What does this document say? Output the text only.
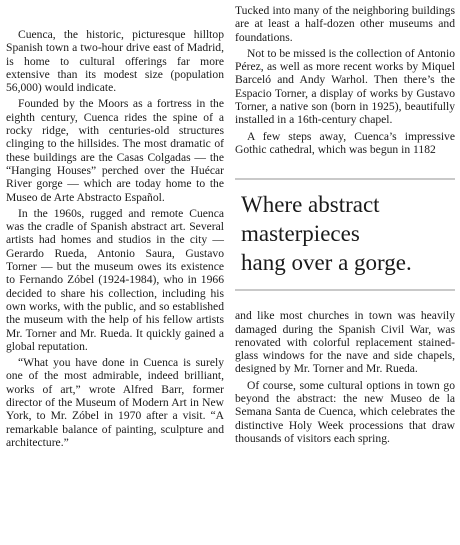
Cuenca, the historic, picturesque hilltop Spanish town a two-hour drive east of Madrid, is home to cultural offerings far more extensive than its modest size (population 56,000) would indicate.

Founded by the Moors as a fortress in the eighth century, Cuenca rides the spine of a rocky ridge, with centuries-old structures clinging to the hillsides. The most dramatic of these buildings are the Casas Colgadas — the “Hanging Houses” perched over the Huécar River gorge — which are today home to the Museo de Arte Abstracto Español.

In the 1960s, rugged and remote Cuenca was the cradle of Spanish abstract art. Several artists had homes and studios in the city — Gerardo Rueda, Antonio Saura, Gustavo Torner — but the museum owes its existence to Fernando Zóbel (1924-1984), who in 1966 decided to share his collection, including his own works, with the public, and so established the museum with the help of his fellow artists Mr. Torner and Mr. Rueda. It quickly gained a global reputation.

“What you have done in Cuenca is surely one of the most admirable, indeed brilliant, works of art,” wrote Alfred Barr, former director of the Museum of Modern Art in New York, to Mr. Zóbel in 1970 after a visit. “A remarkable balance of painting, sculpture and architecture.”

Tucked into many of the neighboring buildings are at least a half-dozen other museums and foundations.

Not to be missed is the collection of Antonio Pérez, as well as more recent works by Miquel Barceló and Andy Warhol. Then there’s the Espacio Torner, a display of works by Gustavo Torner, a native son (born in 1925), beautifully installed in a 16th-century chapel.

A few steps away, Cuenca’s impressive Gothic cathedral, which was begun in 1182

Where abstract
masterpieces
hang over a gorge.

and like most churches in town was heavily damaged during the Spanish Civil War, was renovated with colorful replacement stained-glass windows for the nave and side chapels, designed by Mr. Torner and Mr. Rueda.

Of course, some cultural options in town go beyond the abstract: the new Museo de la Semana Santa de Cuenca, which celebrates the distinctive Holy Week processions that draw thousands of visitors each spring.
